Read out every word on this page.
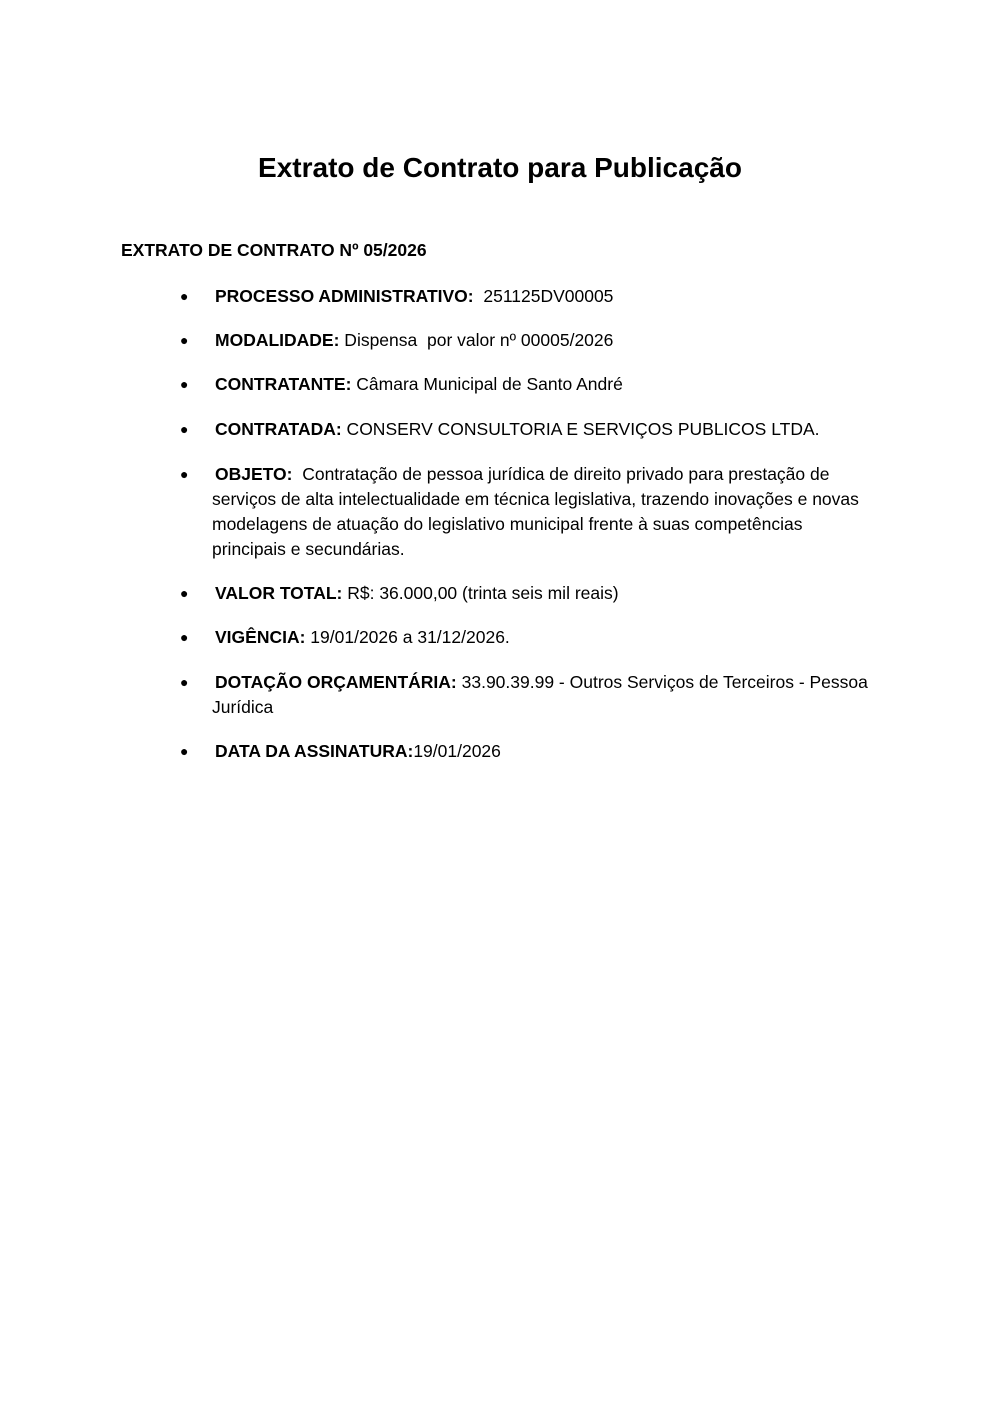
Extrato de Contrato para Publicação
EXTRATO DE CONTRATO Nº 05/2026
● PROCESSO ADMINISTRATIVO:  251125DV00005
● MODALIDADE: Dispensa  por valor nº 00005/2026
● CONTRATANTE: Câmara Municipal de Santo André
● CONTRATADA: CONSERV CONSULTORIA E SERVIÇOS PUBLICOS LTDA.
● OBJETO:  Contratação de pessoa jurídica de direito privado para prestação de serviços de alta intelectualidade em técnica legislativa, trazendo inovações e novas modelagens de atuação do legislativo municipal frente à suas competências principais e secundárias.
● VALOR TOTAL: R$: 36.000,00 (trinta seis mil reais)
● VIGÊNCIA: 19/01/2026 a 31/12/2026.
● DOTAÇÃO ORÇAMENTÁRIA: 33.90.39.99 - Outros Serviços de Terceiros - Pessoa Jurídica
● DATA DA ASSINATURA:19/01/2026
